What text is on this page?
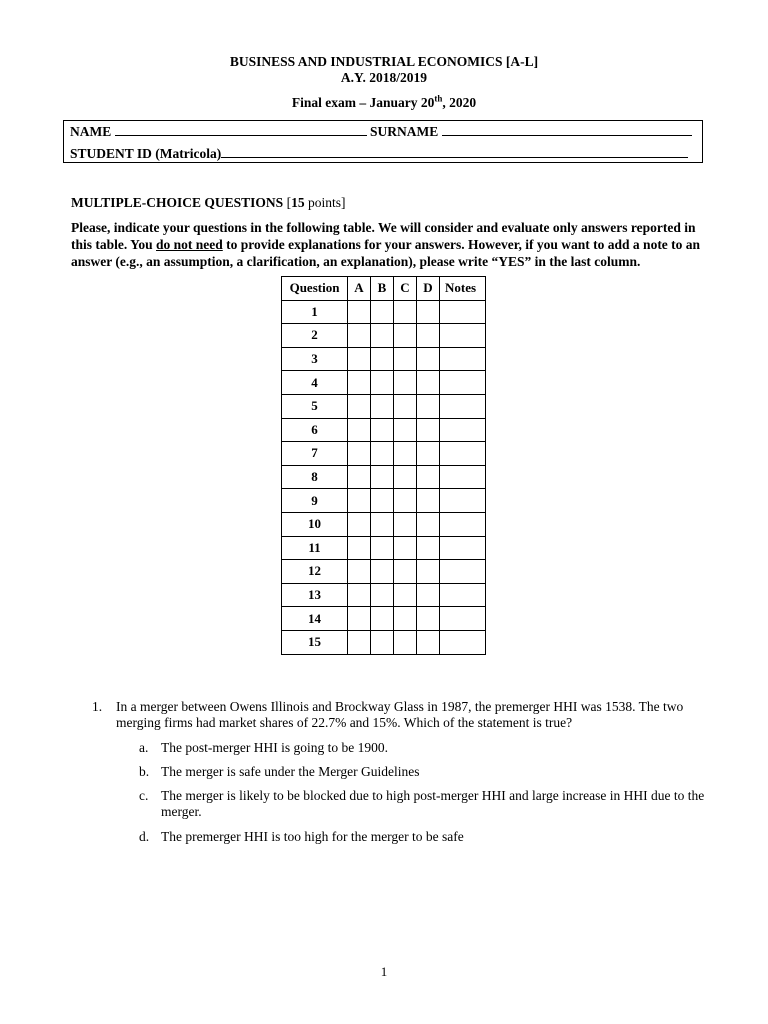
BUSINESS AND INDUSTRIAL ECONOMICS [A-L]
A.Y. 2018/2019
Final exam – January 20th, 2020
NAME	SURNAME
STUDENT ID (Matricola)
MULTIPLE-CHOICE QUESTIONS [15 points]
Please, indicate your questions in the following table. We will consider and evaluate only answers reported in this table. You do not need to provide explanations for your answers. However, if you want to add a note to an answer (e.g., an assumption, a clarification, an explanation), please write “YES” in the last column.
Question	A	B	C	D	Notes
1					
2					
3					
4					
5					
6					
7					
8					
9					
10					
11					
12					
13					
14					
15					
1.	In a merger between Owens Illinois and Brockway Glass in 1987, the premerger HHI was 1538. The two merging firms had market shares of 22.7% and 15%. Which of the statement is true?
a. The post-merger HHI is going to be 1900.
b. The merger is safe under the Merger Guidelines
c. The merger is likely to be blocked due to high post-merger HHI and large increase in HHI due to the merger.
d. The premerger HHI is too high for the merger to be safe
1
